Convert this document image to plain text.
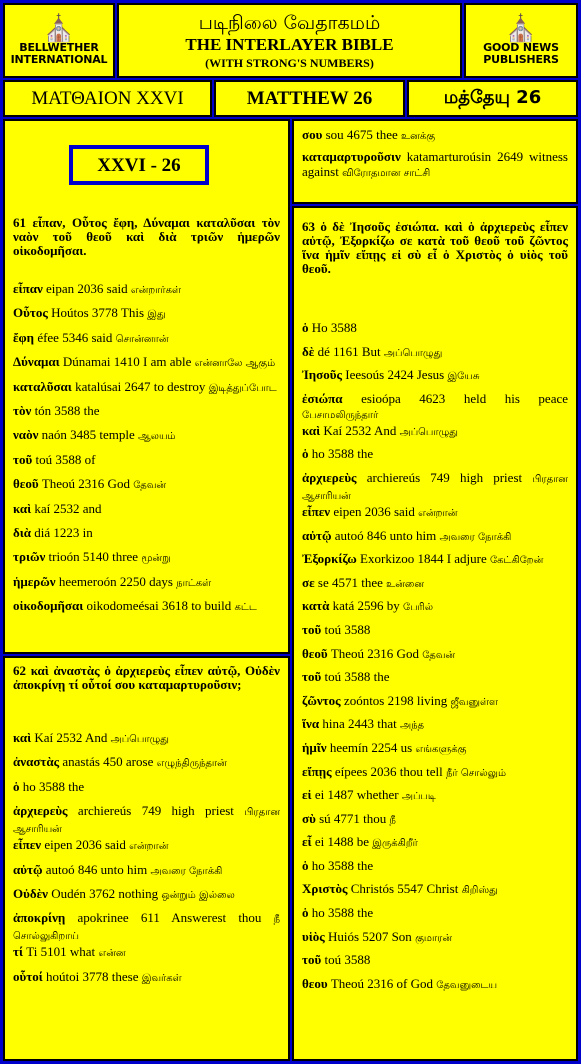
⛪
BELLWETHER
INTERNATIONAL
படிநிலை வேதாகமம்
THE INTERLAYER BIBLE
(WITH STRONG'S NUMBERS)
⛪
GOOD NEWS
PUBLISHERS
ΜΑΤΘΑΙΟΝ XXVI	MATTHEW 26	மத்தேயு 26
XXVI - 26
61 εἶπαν, Οὗτος ἔφη, Δύναμαι καταλῦσαι τὸν ναὸν τοῦ θεοῦ καὶ διὰ τριῶν ἡμερῶν οἰκοδομῆσαι.

εἶπαν eipan 2036 said என்றார்கள்

Οὗτος Hoútos 3778 This இது

ἔφη éfee 5346 said சொன்னான்

Δύναμαι Dúnamai 1410 I am able என்னாலே ஆகும்

καταλῦσαι katalúsai 2647 to destroy இடித்துப்போட

τὸν tón 3588 the

ναὸν naón 3485 temple ஆலயம்

τοῦ toú 3588 of

θεοῦ Theoú 2316 God தேவன்

καὶ kaí 2532 and

διὰ diá 1223 in

τριῶν trioón 5140 three மூன்று

ἡμερῶν heemeroón 2250 days நாட்கள்

οἰκοδομῆσαι oikodomeésai 3618 to build கட்ட

62 καὶ ἀναστὰς ὁ ἀρχιερεὺς εἶπεν αὐτῷ, Οὐδὲν ἀποκρίνῃ τί οὗτοί σου καταμαρτυροῦσιν;

καὶ Kaí 2532 And அப்பொழுது

ἀναστὰς anastás 450 arose எழுந்திருந்தான்

ὁ ho 3588 the

ἀρχιερεὺς archiereús 749 high priest பிரதான ஆசாரியன்

εἶπεν eipen 2036 said என்றான்

αὐτῷ autoó 846 unto him அவரை நோக்கி

Οὐδὲν Oudén 3762 nothing ஒன்றும் இல்லை

ἀποκρίνῃ apokrinee 611 Answerest thou நீ சொல்லுகிறாய்

τί Ti 5101 what என்ன

οὗτοί hoútoi 3778 these இவர்கள்

σου sou 4675 thee உனக்கு

καταμαρτυροῦσιν katamarturoúsin 2649 witness against விரோதமான சாட்சி

63 ὁ δὲ Ἰησοῦς ἐσιώπα. καὶ ὁ ἀρχιερεὺς εἶπεν αὐτῷ, Ἐξορκίζω σε κατὰ τοῦ θεοῦ τοῦ ζῶντος ἵνα ἡμῖν εἴπῃς εἰ σὺ εἶ ὁ Χριστὸς ὁ υἱὸς τοῦ θεοῦ.

ὁ Ho 3588

δὲ dé 1161 But அப்பொழுது

Ἰησοῦς Ieesoús 2424 Jesus இயேசு

ἐσιώπα esioópa 4623 held his peace பேசாமலிருந்தார்

καὶ Kaí 2532 And அப்பொழுது

ὁ ho 3588 the

ἀρχιερεὺς archiereús 749 high priest பிரதான ஆசாரியன்

εἶπεν eipen 2036 said என்றான்

αὐτῷ autoó 846 unto him அவரை நோக்கி

Ἐξορκίζω Exorkizoo 1844 I adjure கேட்கிறேன்

σε se 4571 thee உன்னை

κατὰ katá 2596 by பேரில்

τοῦ toú 3588

θεοῦ Theoú 2316 God தேவன்

τοῦ toú 3588 the

ζῶντος zoóntos 2198 living ஜீவனுள்ள

ἵνα hina 2443 that அந்த

ἡμῖν heemín 2254 us எங்களுக்கு

εἴπῃς eípees 2036 thou tell நீர் சொல்லும்

εἰ ei 1487 whether அப்படி

σὺ sú 4771 thou நீ

εἶ ei 1488 be இருக்கிறீர்

ὁ ho 3588 the

Χριστὸς Christós 5547 Christ கிறிஸ்து

ὁ ho 3588 the

υἱὸς Huiós 5207 Son குமாரன்

τοῦ toú 3588

θεου Theoú 2316 of God தேவனுடைய
